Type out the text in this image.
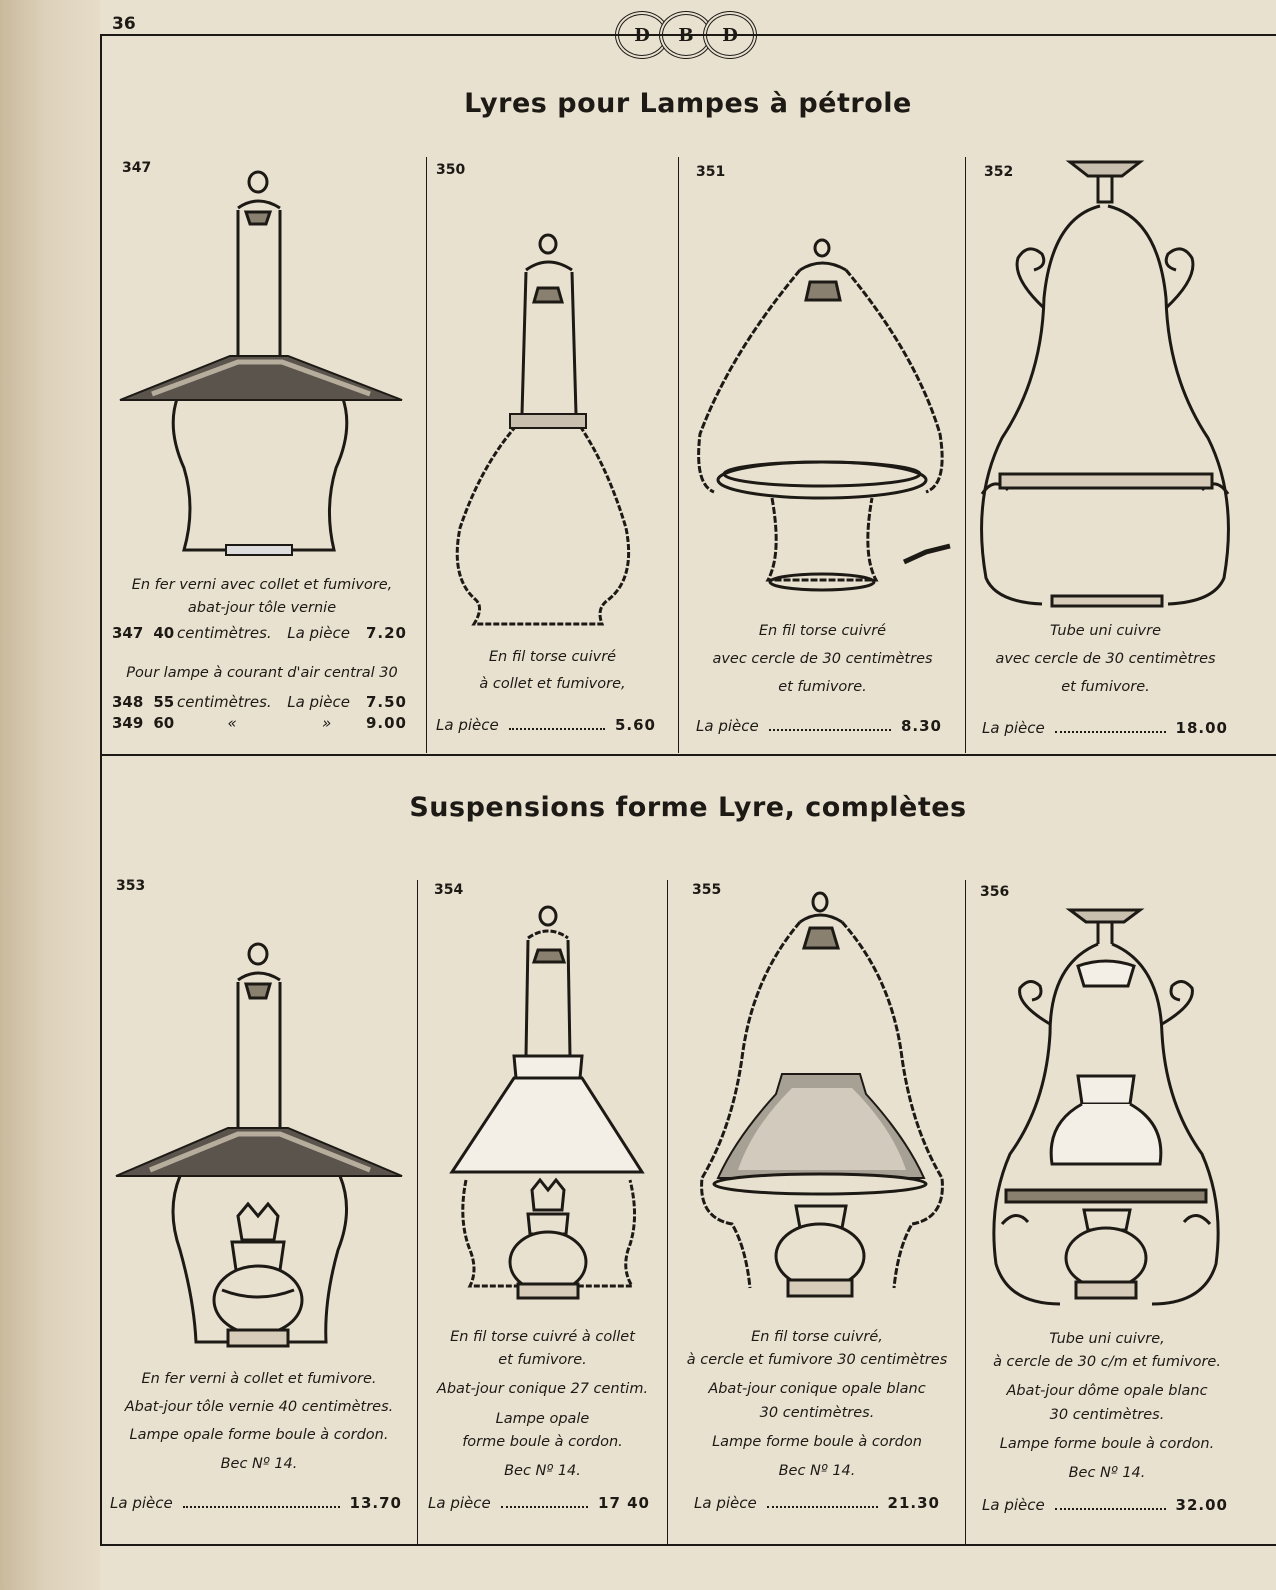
36
D	B	D
Lyres pour Lampes à pétrole
Suspensions forme Lyre, complètes
347
En fer verni avec collet et fumivore,
abat-jour tôle vernie
347 40 centimètres.	La pièce	7.20
Pour lampe à courant d'air central 30
348 55 centimètres.	La pièce	7.50
349 60	«	»	9.00
350
En fil torse cuivré
à collet et fumivore,
La pièce	5.60
351
En fil torse cuivré
avec cercle de 30 centimètres
et fumivore.
La pièce	8.30
352
Tube uni cuivre
avec cercle de 30 centimètres
et fumivore.
La pièce	18.00
353
En fer verni à collet et fumivore.
Abat-jour tôle vernie 40 centimètres.
Lampe opale forme boule à cordon.
Bec Nº 14.
La pièce	13.70
354
En fil torse cuivré à collet
et fumivore.
Abat-jour conique 27 centim.
Lampe opale
forme boule à cordon.
Bec Nº 14.
La pièce	17 40
355
En fil torse cuivré,
à cercle et fumivore 30 centimètres
Abat-jour conique opale blanc
30 centimètres.
Lampe forme boule à cordon
Bec Nº 14.
La pièce	21.30
356
Tube uni cuivre,
à cercle de 30 c/m et fumivore.
Abat-jour dôme opale blanc
30 centimètres.
Lampe forme boule à cordon.
Bec Nº 14.
La pièce	32.00
